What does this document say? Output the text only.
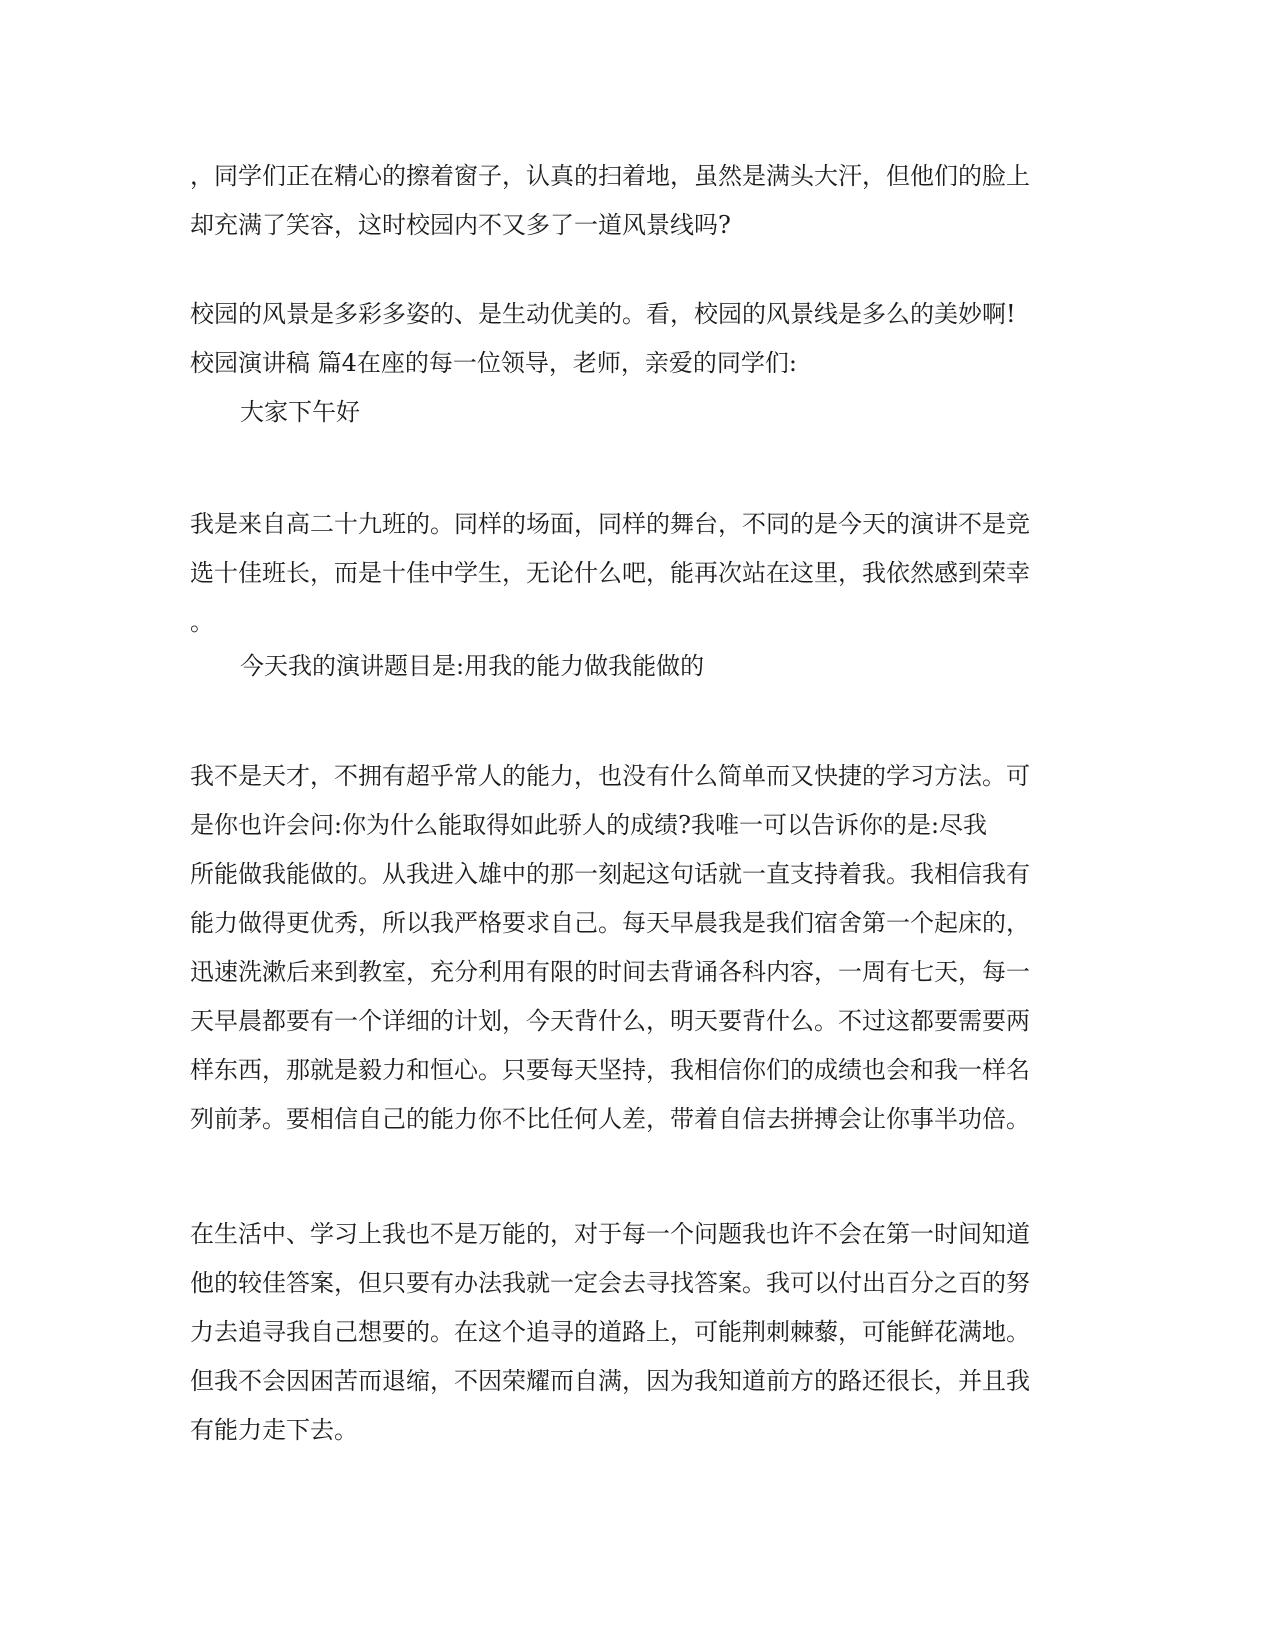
，同学们正在精心的擦着窗子，认真的扫着地，虽然是满头大汗，但他们的脸上
却充满了笑容，这时校园内不又多了一道风景线吗?
校园的风景是多彩多姿的、是生动优美的。看，校园的风景线是多么的美妙啊!
校园演讲稿 篇4在座的每一位领导，老师，亲爱的同学们:
大家下午好
我是来自高二十九班的。同样的场面，同样的舞台，不同的是今天的演讲不是竞
选十佳班长，而是十佳中学生，无论什么吧，能再次站在这里，我依然感到荣幸
。
今天我的演讲题目是:用我的能力做我能做的
我不是天才，不拥有超乎常人的能力，也没有什么简单而又快捷的学习方法。可
是你也许会问:你为什么能取得如此骄人的成绩?我唯一可以告诉你的是:尽我
所能做我能做的。从我进入雄中的那一刻起这句话就一直支持着我。我相信我有
能力做得更优秀，所以我严格要求自己。每天早晨我是我们宿舍第一个起床的，
迅速洗漱后来到教室，充分利用有限的时间去背诵各科内容，一周有七天，每一
天早晨都要有一个详细的计划，今天背什么，明天要背什么。不过这都要需要两
样东西，那就是毅力和恒心。只要每天坚持，我相信你们的成绩也会和我一样名
列前茅。要相信自己的能力你不比任何人差，带着自信去拼搏会让你事半功倍。
在生活中、学习上我也不是万能的，对于每一个问题我也许不会在第一时间知道
他的较佳答案，但只要有办法我就一定会去寻找答案。我可以付出百分之百的努
力去追寻我自己想要的。在这个追寻的道路上，可能荆刺棘藜，可能鲜花满地。
但我不会因困苦而退缩，不因荣耀而自满，因为我知道前方的路还很长，并且我
有能力走下去。
